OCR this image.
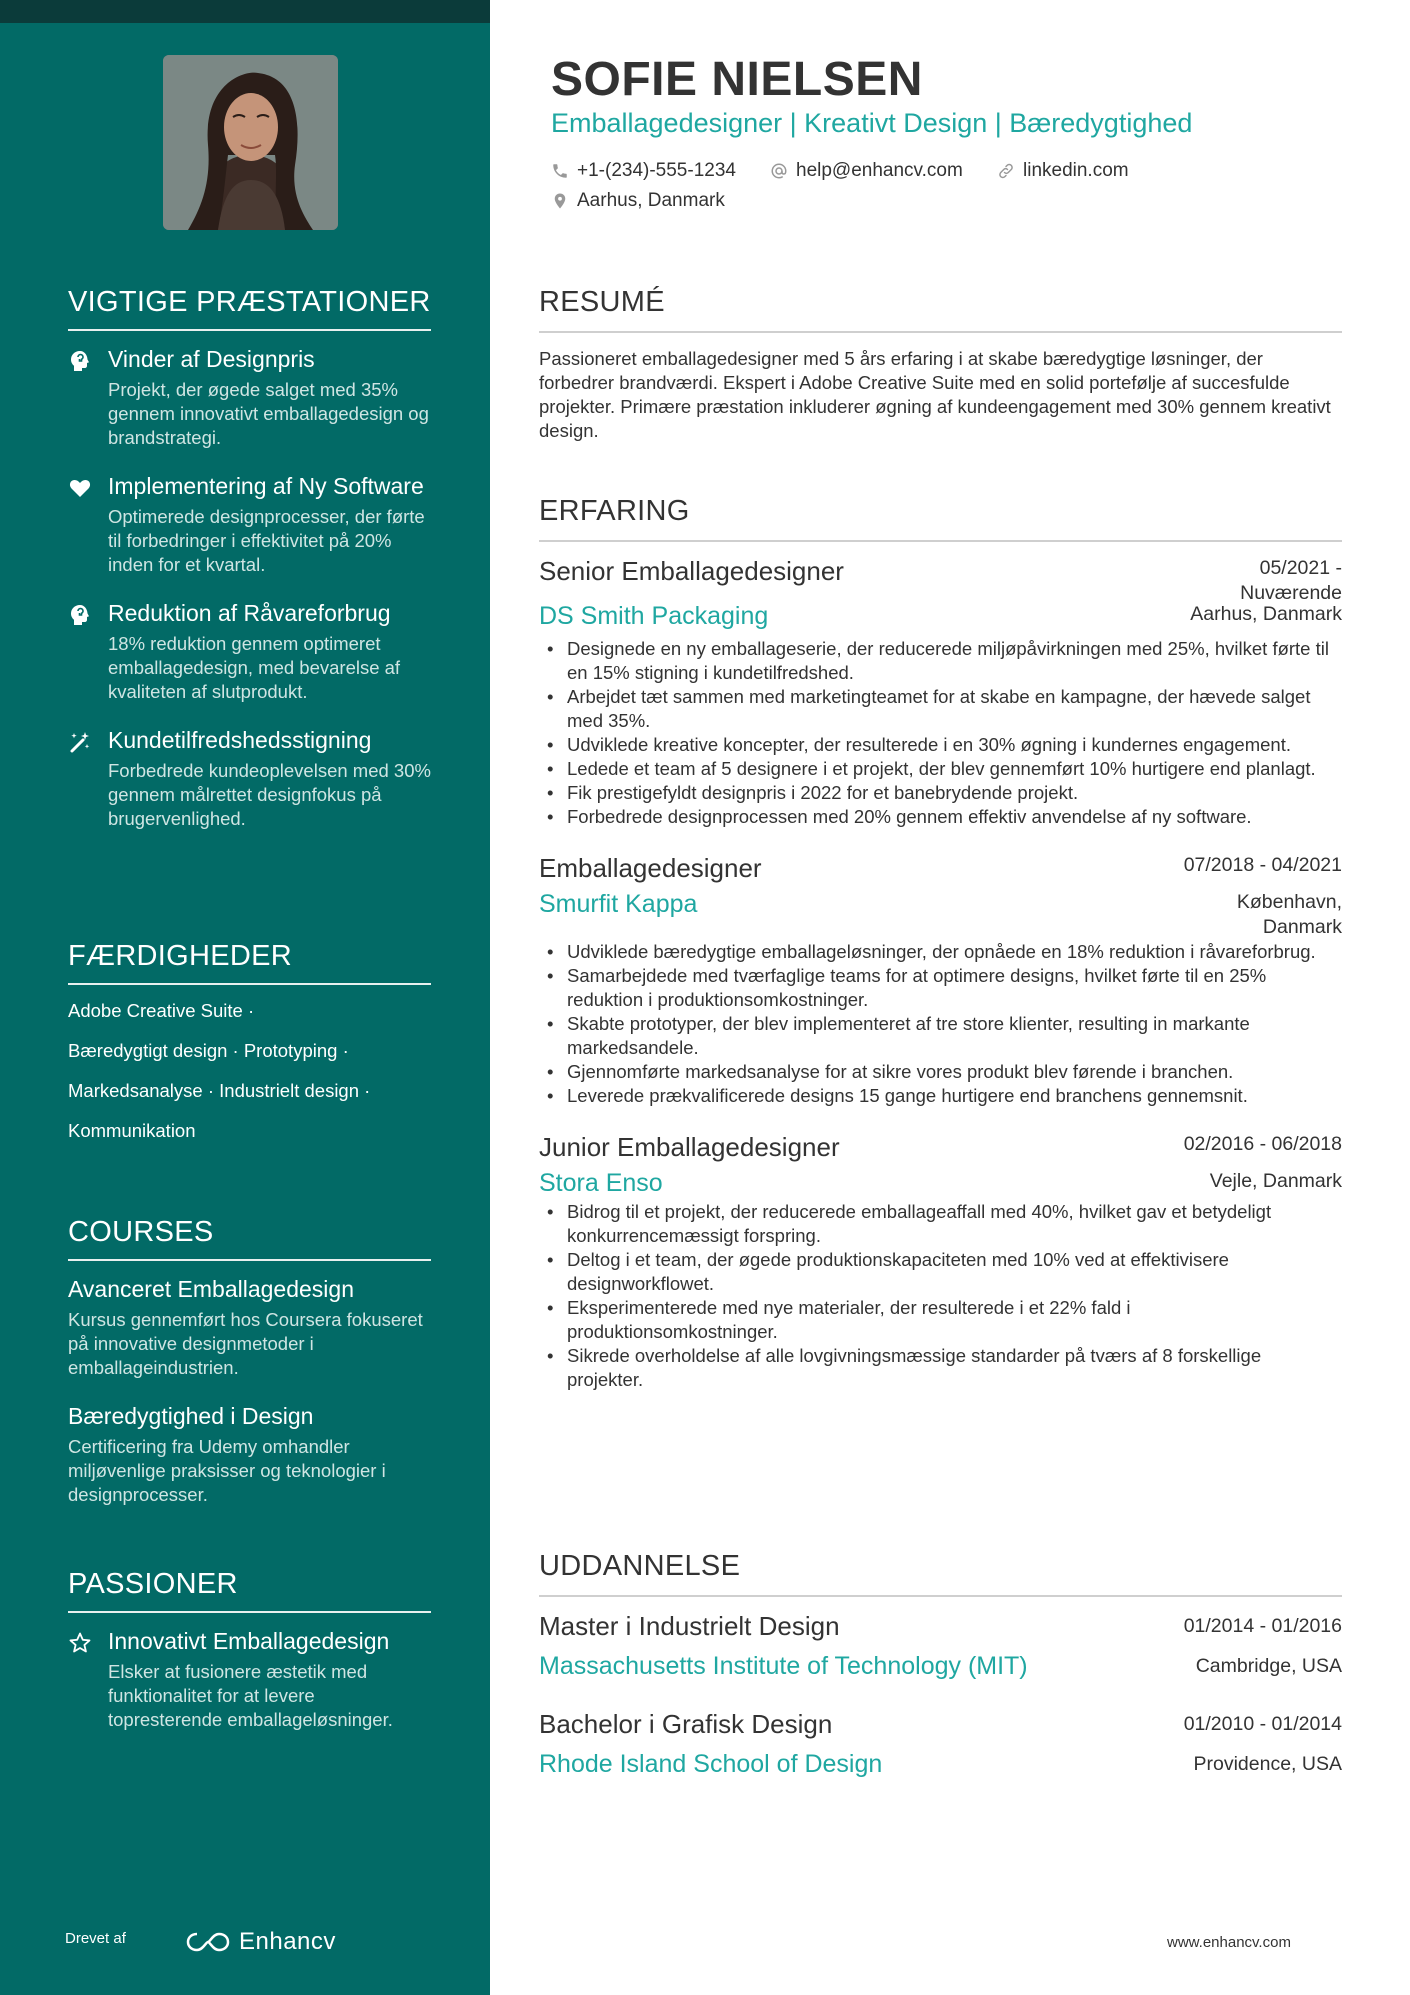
VIGTIGE PRÆSTATIONER
Vinder af Designpris
Projekt, der øgede salget med 35% gennem innovativt emballagedesign og brandstrategi.
Implementering af Ny Software
Optimerede designprocesser, der førte til forbedringer i effektivitet på 20% inden for et kvartal.
Reduktion af Råvareforbrug
18% reduktion gennem optimeret emballagedesign, med bevarelse af kvaliteten af slutprodukt.
Kundetilfredshedsstigning
Forbedrede kundeoplevelsen med 30% gennem målrettet designfokus på brugervenlighed.
FÆRDIGHEDER
Adobe Creative Suite ·
Bæredygtigt design · Prototyping ·
Markedsanalyse · Industrielt design ·
Kommunikation
COURSES
Avanceret Emballagedesign
Kursus gennemført hos Coursera fokuseret på innovative designmetoder i emballageindustrien.
Bæredygtighed i Design
Certificering fra Udemy omhandler miljøvenlige praksisser og teknologier i designprocesser.
PASSIONER
Innovativt Emballagedesign
Elsker at fusionere æstetik med funktionalitet for at levere topresterende emballageløsninger.
Drevet af	Enhancv
SOFIE NIELSEN
Emballagedesigner | Kreativt Design | Bæredygtighed
+1-(234)-555-1234	help@enhancv.com	linkedin.com
Aarhus, Danmark
RESUMÉ
Passioneret emballagedesigner med 5 års erfaring i at skabe bæredygtige løsninger, der forbedrer brandværdi. Ekspert i Adobe Creative Suite med en solid portefølje af succesfulde projekter. Primære præstation inkluderer øgning af kundeengagement med 30% gennem kreativt design.
ERFARING
Senior Emballagedesigner	05/2021 -
Nuværende
DS Smith Packaging	Aarhus, Danmark
• Designede en ny emballageserie, der reducerede miljøpåvirkningen med 25%, hvilket førte til en 15% stigning i kundetilfredshed.
• Arbejdet tæt sammen med marketingteamet for at skabe en kampagne, der hævede salget med 35%.
• Udviklede kreative koncepter, der resulterede i en 30% øgning i kundernes engagement.
• Ledede et team af 5 designere i et projekt, der blev gennemført 10% hurtigere end planlagt.
• Fik prestigefyldt designpris i 2022 for et banebrydende projekt.
• Forbedrede designprocessen med 20% gennem effektiv anvendelse af ny software.
Emballagedesigner	07/2018 - 04/2021
Smurfit Kappa	København,
Danmark
• Udviklede bæredygtige emballageløsninger, der opnåede en 18% reduktion i råvareforbrug.
• Samarbejdede med tværfaglige teams for at optimere designs, hvilket førte til en 25% reduktion i produktionsomkostninger.
• Skabte prototyper, der blev implementeret af tre store klienter, resulting in markante markedsandele.
• Gjennomførte markedsanalyse for at sikre vores produkt blev førende i branchen.
• Leverede prækvalificerede designs 15 gange hurtigere end branchens gennemsnit.
Junior Emballagedesigner	02/2016 - 06/2018
Stora Enso	Vejle, Danmark
• Bidrog til et projekt, der reducerede emballageaffall med 40%, hvilket gav et betydeligt konkurrencemæssigt forspring.
• Deltog i et team, der øgede produktionskapaciteten med 10% ved at effektivisere designworkflowet.
• Eksperimenterede med nye materialer, der resulterede i et 22% fald i produktionsomkostninger.
• Sikrede overholdelse af alle lovgivningsmæssige standarder på tværs af 8 forskellige projekter.
UDDANNELSE
Master i Industrielt Design	01/2014 - 01/2016
Massachusetts Institute of Technology (MIT)	Cambridge, USA
Bachelor i Grafisk Design	01/2010 - 01/2014
Rhode Island School of Design	Providence, USA
www.enhancv.com
